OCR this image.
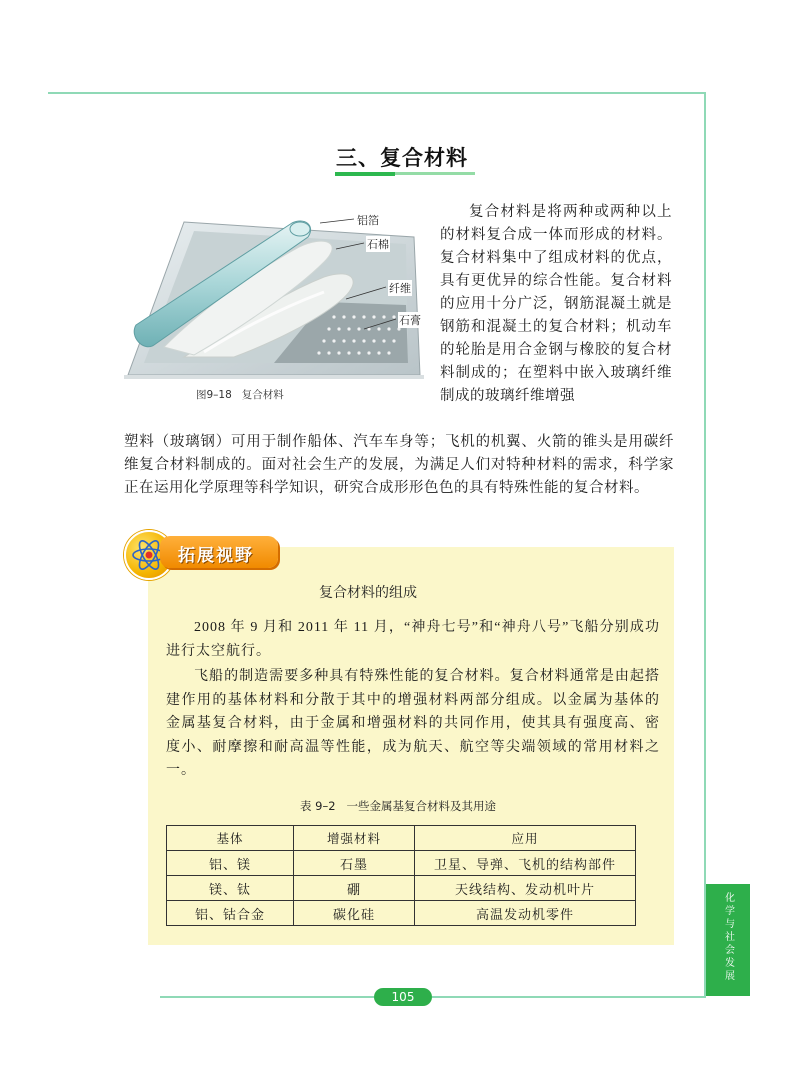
三、复合材料
铝箔
石棉
纤维
石膏
图9–18   复合材料

复合材料是将两种或两种以上的材料复合成一体而形成的材料。复合材料集中了组成材料的优点，具有更优异的综合性能。复合材料的应用十分广泛，钢筋混凝土就是钢筋和混凝土的复合材料；机动车的轮胎是用合金钢与橡胶的复合材料制成的；在塑料中嵌入玻璃纤维制成的玻璃纤维增强

塑料（玻璃钢）可用于制作船体、汽车车身等；飞机的机翼、火箭的锥头是用碳纤维复合材料制成的。面对社会生产的发展，为满足人们对特种材料的需求，科学家正在运用化学原理等科学知识，研究合成形形色色的具有特殊性能的复合材料。

拓展视野
复合材料的组成

2008 年 9 月和 2011 年 11 月，“神舟七号”和“神舟八号”飞船分别成功进行太空航行。

飞船的制造需要多种具有特殊性能的复合材料。复合材料通常是由起搭建作用的基体材料和分散于其中的增强材料两部分组成。以金属为基体的金属基复合材料，由于金属和增强材料的共同作用，使其具有强度高、密度小、耐摩擦和耐高温等性能，成为航天、航空等尖端领域的常用材料之一。

表 9–2   一些金属基复合材料及其用途
基体	增强材料	应用
铝、镁	石墨	卫星、导弹、飞机的结构部件
镁、钛	硼	天线结构、发动机叶片
铝、钴合金	碳化硅	高温发动机零件	化学与社会发展
105
